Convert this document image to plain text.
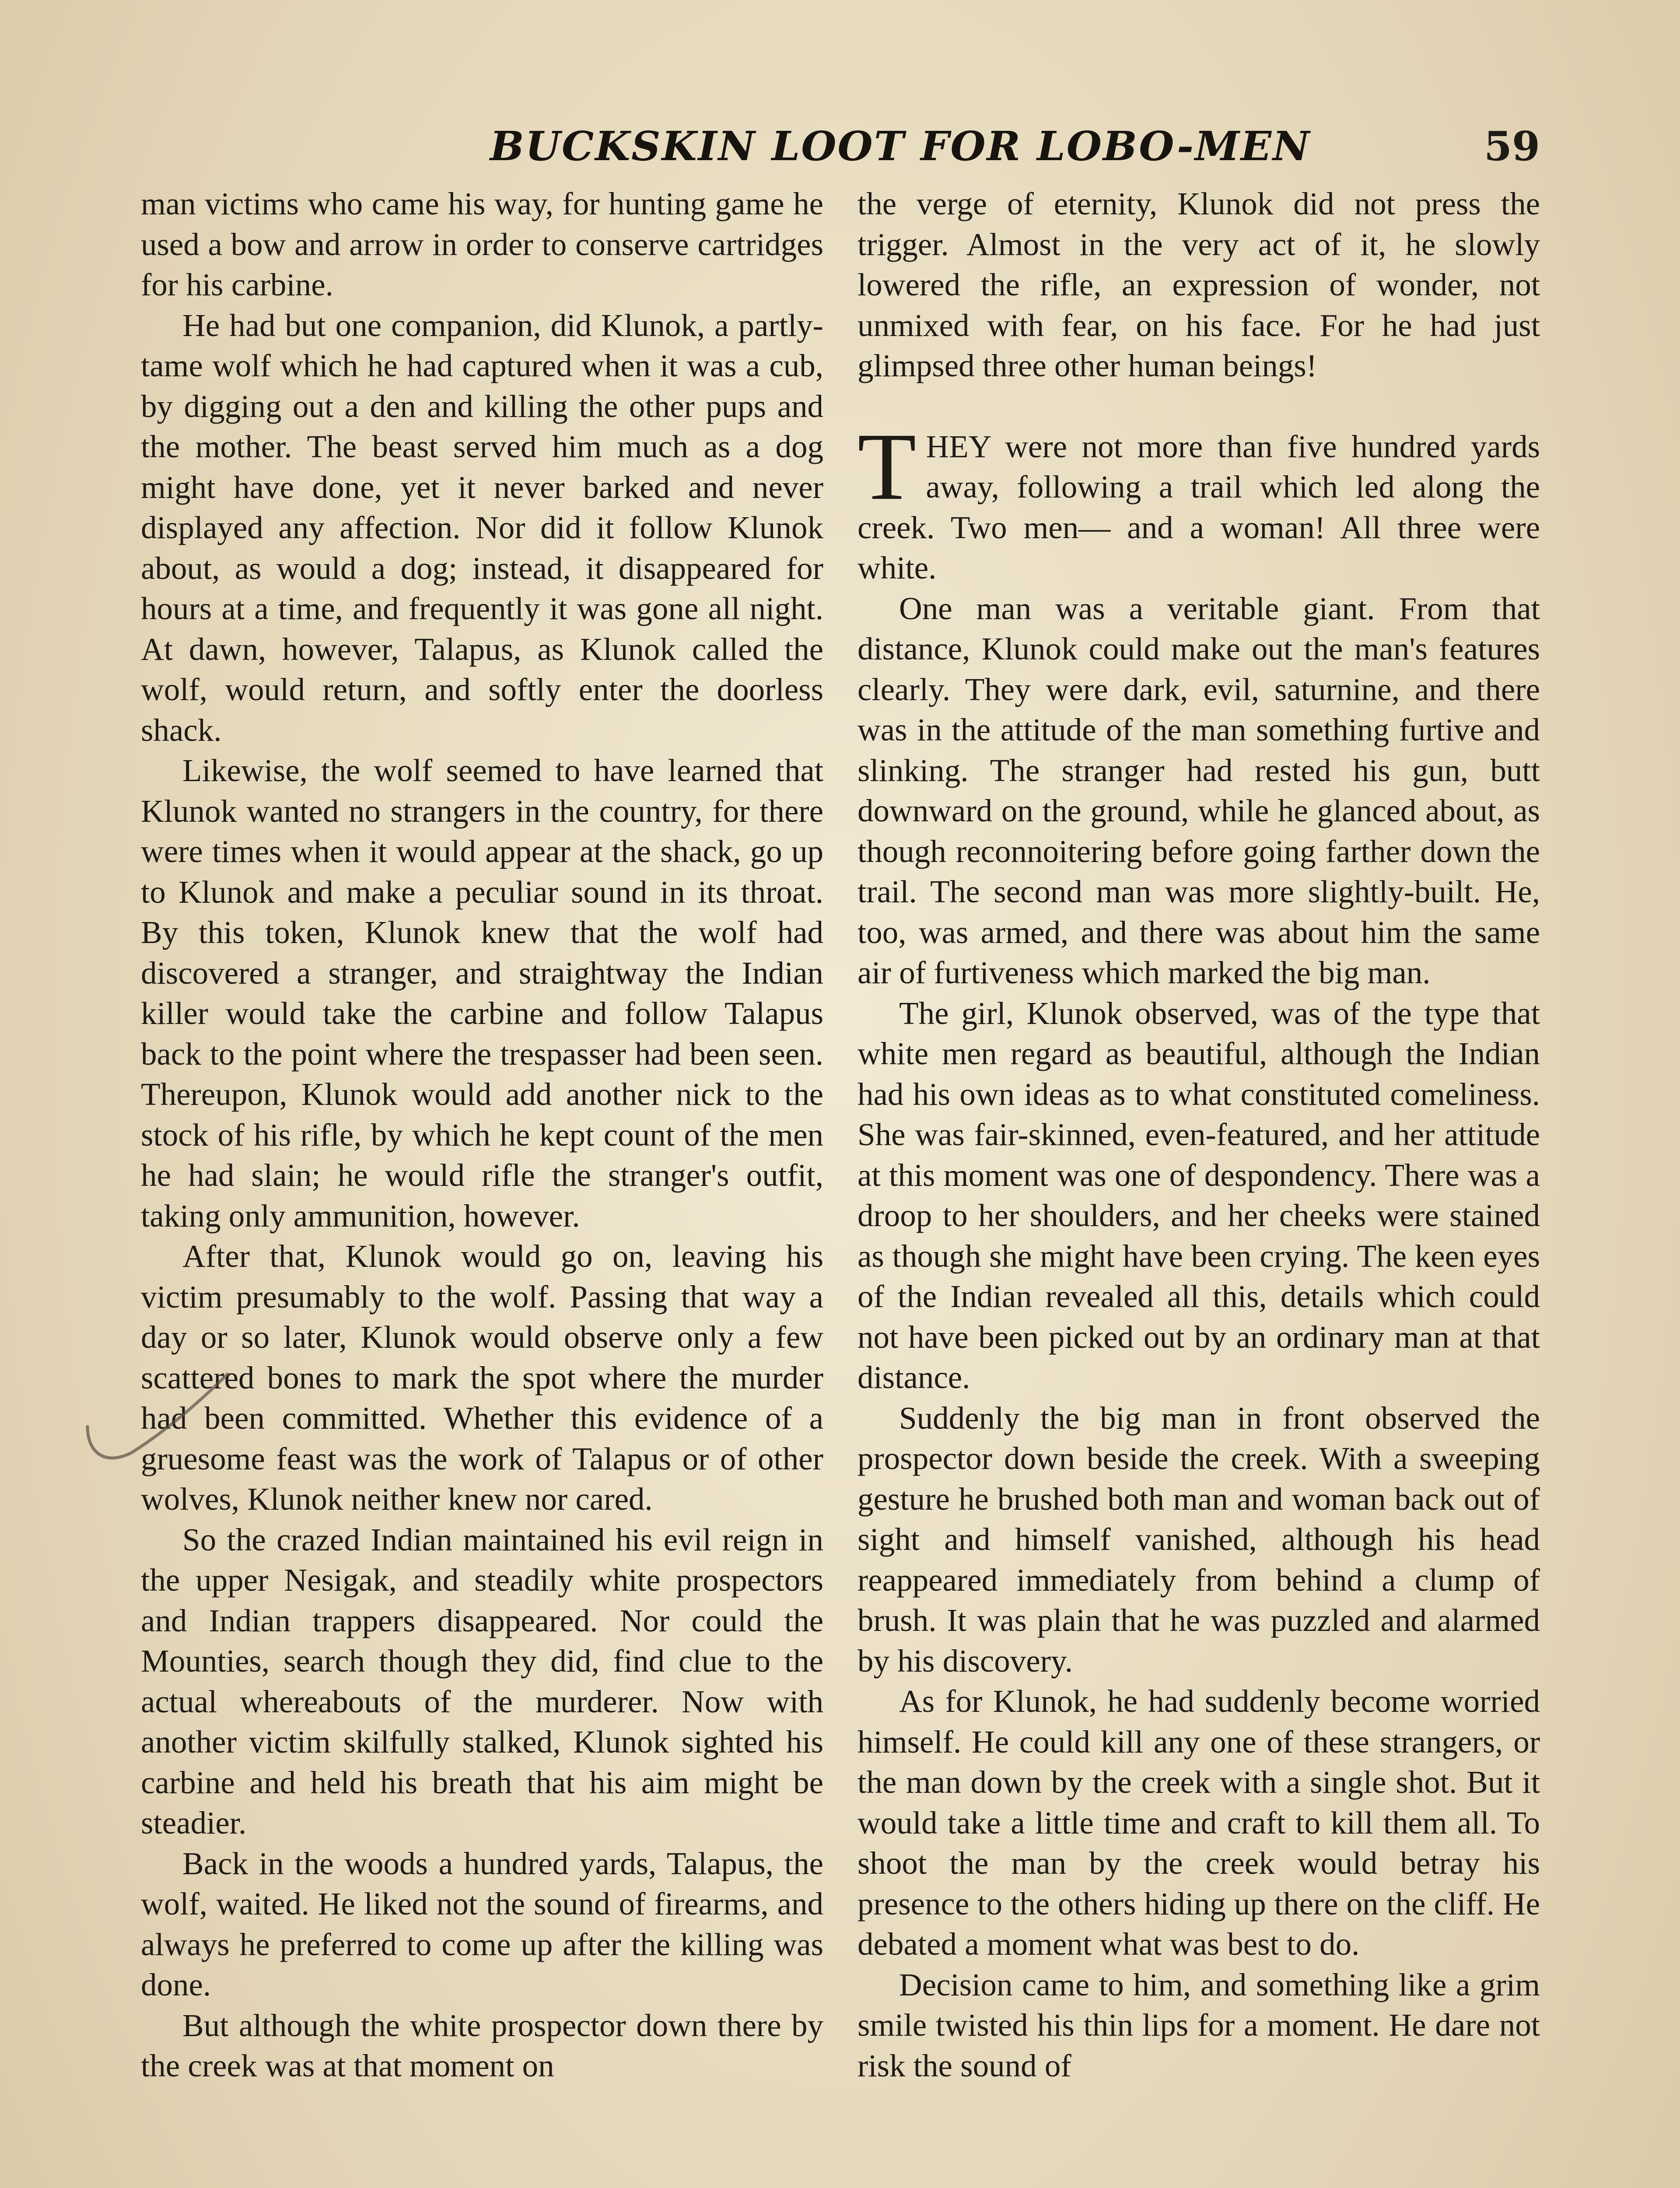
BUCKSKIN LOOT FOR LOBO-MEN	59

man victims who came his way, for hunting game he used a bow and arrow in order to conserve cartridges for his carbine.

He had but one companion, did Klunok, a partly-tame wolf which he had captured when it was a cub, by digging out a den and killing the other pups and the mother. The beast served him much as a dog might have done, yet it never barked and never displayed any affection. Nor did it follow Klunok about, as would a dog; instead, it disappeared for hours at a time, and frequently it was gone all night. At dawn, however, Talapus, as Klunok called the wolf, would return, and softly enter the doorless shack.

Likewise, the wolf seemed to have learned that Klunok wanted no strangers in the country, for there were times when it would appear at the shack, go up to Klunok and make a peculiar sound in its throat. By this token, Klunok knew that the wolf had discovered a stranger, and straightway the Indian killer would take the carbine and follow Talapus back to the point where the trespasser had been seen. Thereupon, Klunok would add another nick to the stock of his rifle, by which he kept count of the men he had slain; he would rifle the stranger's outfit, taking only ammunition, however.

After that, Klunok would go on, leaving his victim presumably to the wolf. Passing that way a day or so later, Klunok would observe only a few scattered bones to mark the spot where the murder had been committed. Whether this evidence of a gruesome feast was the work of Talapus or of other wolves, Klunok neither knew nor cared.

So the crazed Indian maintained his evil reign in the upper Nesigak, and steadily white prospectors and Indian trappers disappeared. Nor could the Mounties, search though they did, find clue to the actual whereabouts of the murderer. Now with another victim skilfully stalked, Klunok sighted his carbine and held his breath that his aim might be steadier.

Back in the woods a hundred yards, Talapus, the wolf, waited. He liked not the sound of firearms, and always he preferred to come up after the killing was done.

But although the white prospector down there by the creek was at that moment on

the verge of eternity, Klunok did not press the trigger. Almost in the very act of it, he slowly lowered the rifle, an expression of wonder, not unmixed with fear, on his face. For he had just glimpsed three other human beings!

THEY were not more than five hundred yards away, following a trail which led along the creek. Two men— and a woman! All three were white.

One man was a veritable giant. From that distance, Klunok could make out the man's features clearly. They were dark, evil, saturnine, and there was in the attitude of the man something furtive and slinking. The stranger had rested his gun, butt downward on the ground, while he glanced about, as though reconnoitering before going farther down the trail. The second man was more slightly-built. He, too, was armed, and there was about him the same air of furtiveness which marked the big man.

The girl, Klunok observed, was of the type that white men regard as beautiful, although the Indian had his own ideas as to what constituted comeliness. She was fair-skinned, even-featured, and her attitude at this moment was one of despondency. There was a droop to her shoulders, and her cheeks were stained as though she might have been crying. The keen eyes of the Indian revealed all this, details which could not have been picked out by an ordinary man at that distance.

Suddenly the big man in front observed the prospector down beside the creek. With a sweeping gesture he brushed both man and woman back out of sight and himself vanished, although his head reappeared immediately from behind a clump of brush. It was plain that he was puzzled and alarmed by his discovery.

As for Klunok, he had suddenly become worried himself. He could kill any one of these strangers, or the man down by the creek with a single shot. But it would take a little time and craft to kill them all. To shoot the man by the creek would betray his presence to the others hiding up there on the cliff. He debated a moment what was best to do.

Decision came to him, and something like a grim smile twisted his thin lips for a moment. He dare not risk the sound of
